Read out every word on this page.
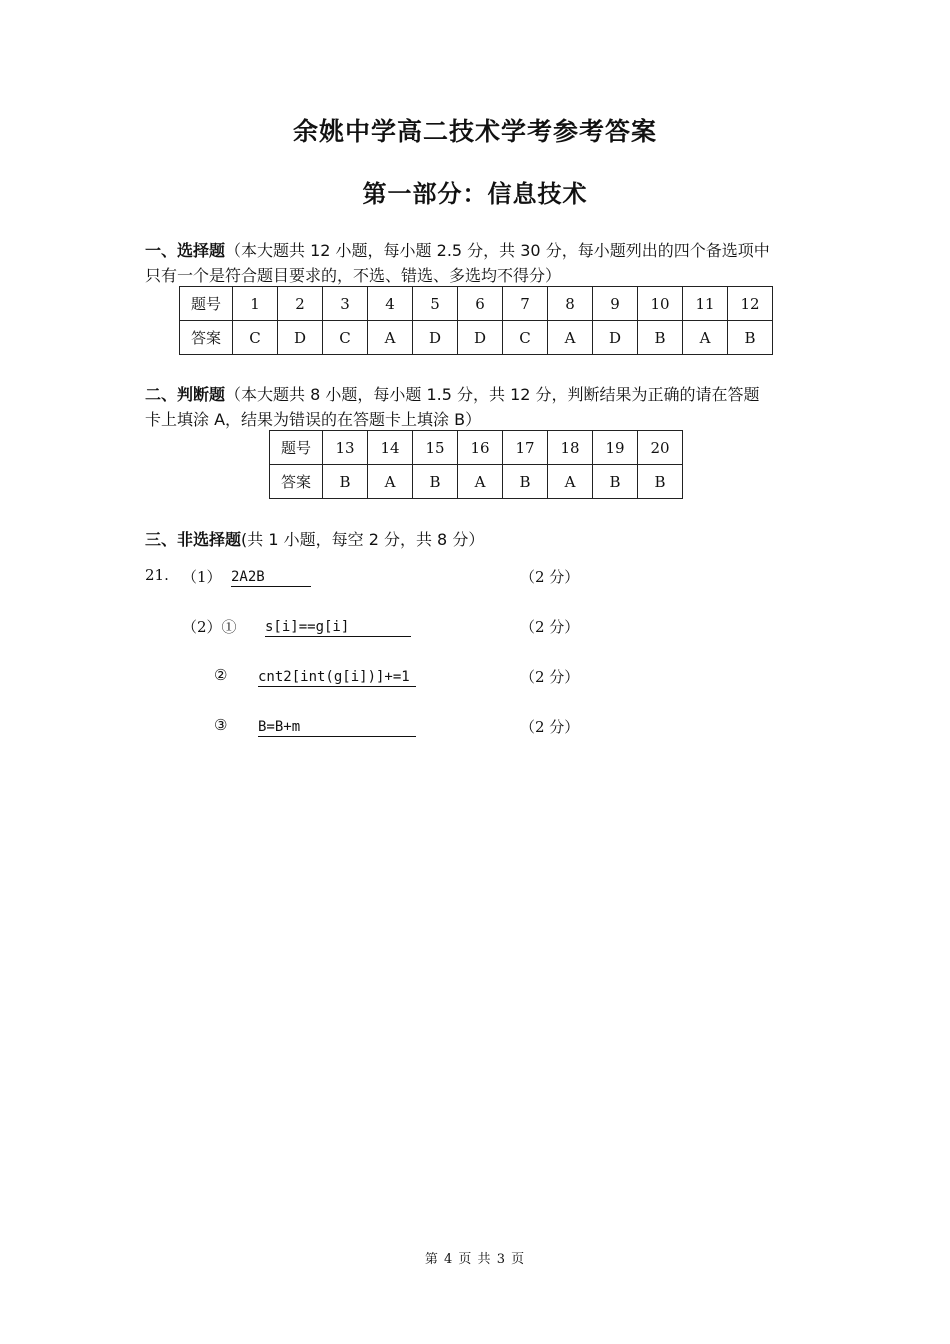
余姚中学高二技术学考参考答案
第一部分：信息技术
一、选择题（本大题共 12 小题，每小题 2.5 分，共 30 分，每小题列出的四个备选项中
只有一个是符合题目要求的，不选、错选、多选均不得分）
题号	1	2	3	4	5	6	7	8	9	10	11	12
答案	C	D	C	A	D	D	C	A	D	B	A	B
二、判断题（本大题共 8 小题，每小题 1.5 分，共 12 分，判断结果为正确的请在答题
卡上填涂 A，结果为错误的在答题卡上填涂 B）
题号	13	14	15	16	17	18	19	20
答案	B	A	B	A	B	A	B	B
三、非选择题(共 1 小题，每空 2 分，共 8 分）
21. （1） 2A2B	（2 分）
（2）① s[i]==g[i]	（2 分）
② cnt2[int(g[i])]+=1	（2 分）
③ B=B+m	（2 分）
第 4 页 共 3 页
